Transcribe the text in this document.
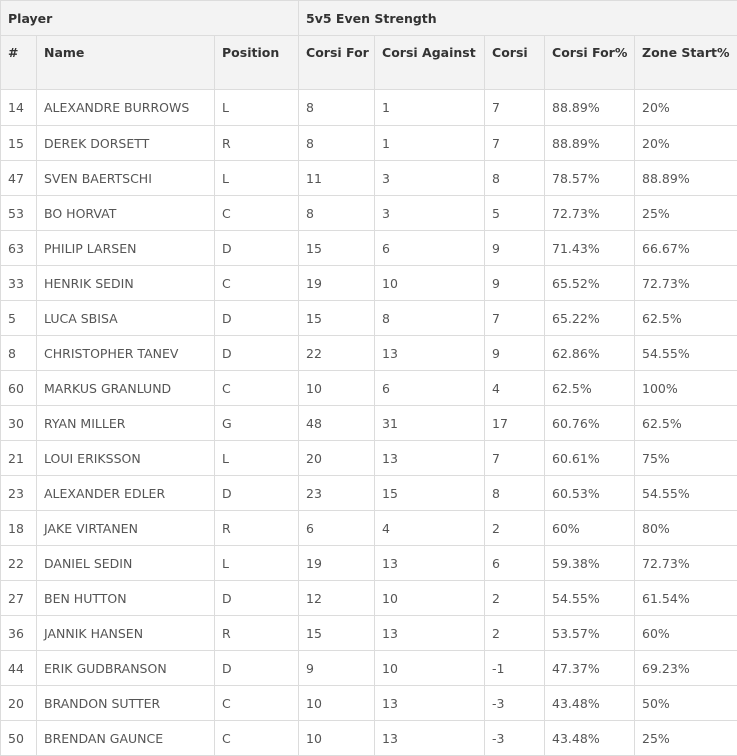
Player			5v5 Even Strength				
#	Name	Position	Corsi For	Corsi Against	Corsi	Corsi For%	Zone Start%
14	ALEXANDRE BURROWS	L	8	1	7	88.89%	20%
15	DEREK DORSETT	R	8	1	7	88.89%	20%
47	SVEN BAERTSCHI	L	11	3	8	78.57%	88.89%
53	BO HORVAT	C	8	3	5	72.73%	25%
63	PHILIP LARSEN	D	15	6	9	71.43%	66.67%
33	HENRIK SEDIN	C	19	10	9	65.52%	72.73%
5	LUCA SBISA	D	15	8	7	65.22%	62.5%
8	CHRISTOPHER TANEV	D	22	13	9	62.86%	54.55%
60	MARKUS GRANLUND	C	10	6	4	62.5%	100%
30	RYAN MILLER	G	48	31	17	60.76%	62.5%
21	LOUI ERIKSSON	L	20	13	7	60.61%	75%
23	ALEXANDER EDLER	D	23	15	8	60.53%	54.55%
18	JAKE VIRTANEN	R	6	4	2	60%	80%
22	DANIEL SEDIN	L	19	13	6	59.38%	72.73%
27	BEN HUTTON	D	12	10	2	54.55%	61.54%
36	JANNIK HANSEN	R	15	13	2	53.57%	60%
44	ERIK GUDBRANSON	D	9	10	-1	47.37%	69.23%
20	BRANDON SUTTER	C	10	13	-3	43.48%	50%
50	BRENDAN GAUNCE	C	10	13	-3	43.48%	25%
